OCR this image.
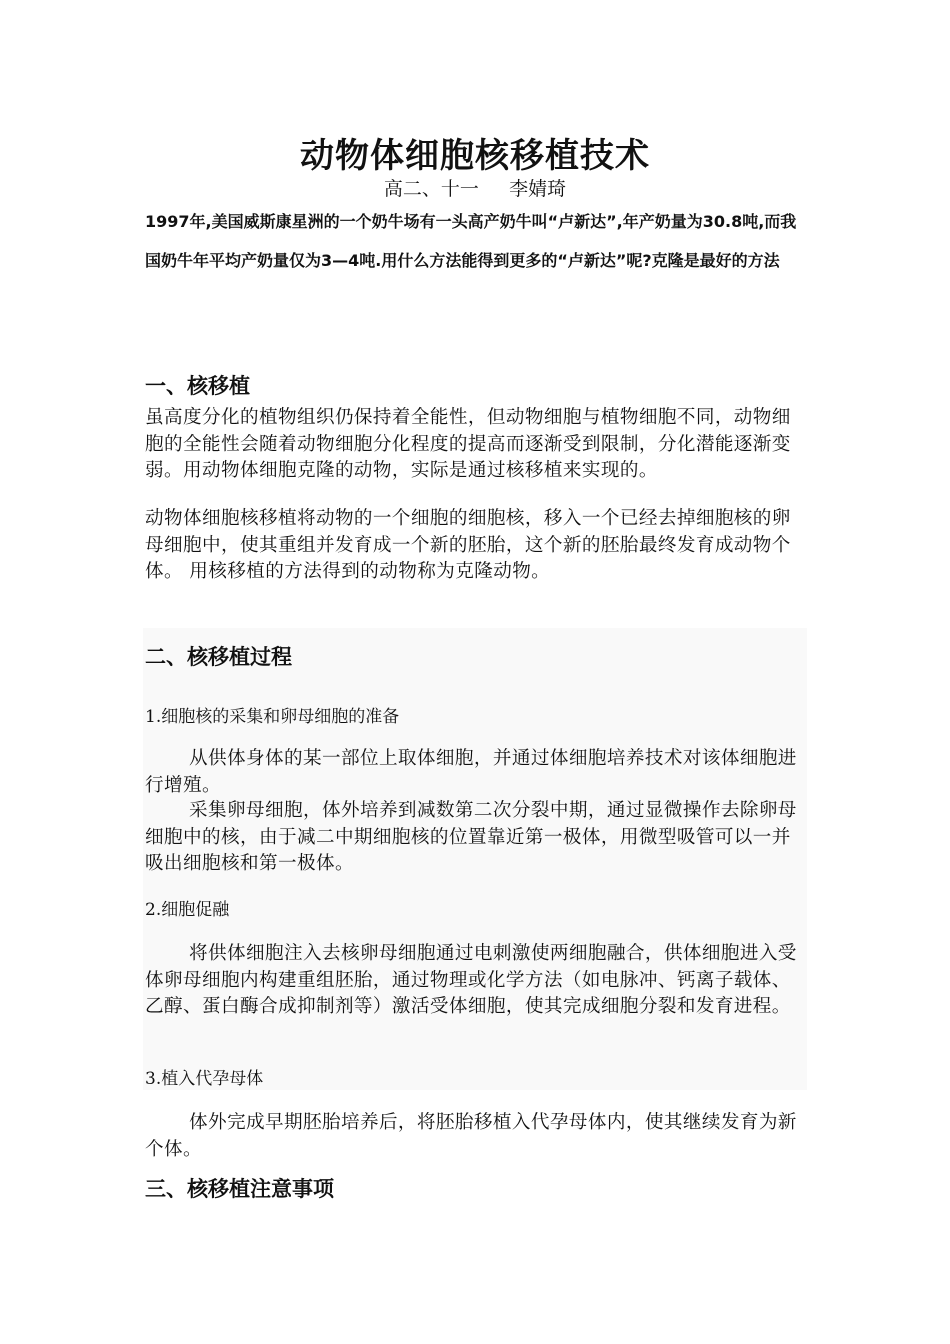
动物体细胞核移植技术
高二、十一     李婧琦

1997年,美国威斯康星洲的一个奶牛场有一头高产奶牛叫“卢新达”,年产奶量为30.8吨,而我国奶牛年平均产奶量仅为3—4吨.用什么方法能得到更多的“卢新达”呢?克隆是最好的方法

一、核移植

虽高度分化的植物组织仍保持着全能性，但动物细胞与植物细胞不同，动物细胞的全能性会随着动物细胞分化程度的提高而逐渐受到限制，分化潜能逐渐变弱。用动物体细胞克隆的动物，实际是通过核移植来实现的。

动物体细胞核移植将动物的一个细胞的细胞核，移入一个已经去掉细胞核的卵母细胞中，使其重组并发育成一个新的胚胎，这个新的胚胎最终发育成动物个体。 用核移植的方法得到的动物称为克隆动物。

二、核移植过程

1.细胞核的采集和卵母细胞的准备

从供体身体的某一部位上取体细胞，并通过体细胞培养技术对该体细胞进行增殖。

采集卵母细胞，体外培养到减数第二次分裂中期，通过显微操作去除卵母细胞中的核，由于减二中期细胞核的位置靠近第一极体，用微型吸管可以一并吸出细胞核和第一极体。

2.细胞促融

将供体细胞注入去核卵母细胞通过电刺激使两细胞融合，供体细胞进入受体卵母细胞内构建重组胚胎，通过物理或化学方法（如电脉冲、钙离子载体、乙醇、蛋白酶合成抑制剂等）激活受体细胞，使其完成细胞分裂和发育进程。

3.植入代孕母体

体外完成早期胚胎培养后，将胚胎移植入代孕母体内，使其继续发育为新个体。

三、核移植注意事项
